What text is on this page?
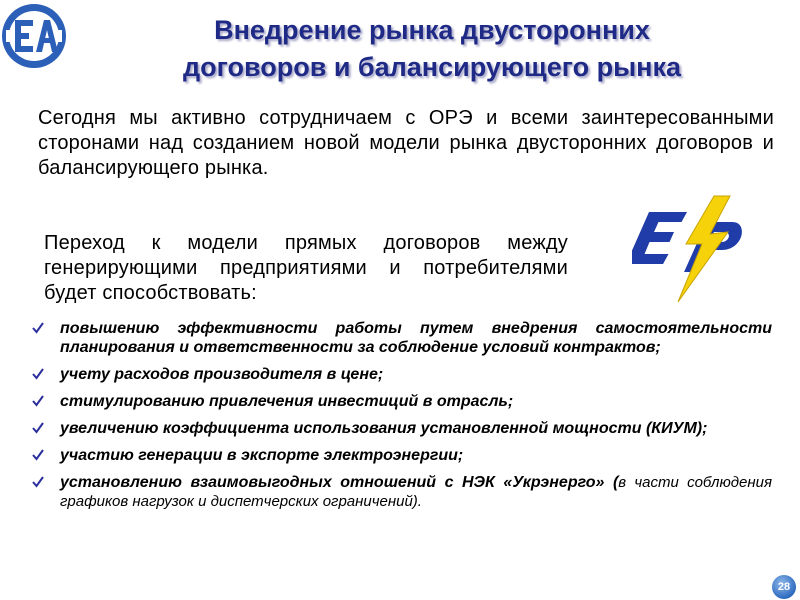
Внедрение рынка двусторонних
договоров и балансирующего рынка
Сегодня мы активно сотрудничаем с ОРЭ и всеми заинтересованными сторонами над созданием новой модели рынка двусторонних договоров и балансирующего рынка.
Переход к модели прямых договоров между генерирующими предприятиями и потребителями будет способствовать:
повышению эффективности работы путем внедрения самостоятельности планирования и ответственности за соблюдение условий контрактов;
учету расходов производителя в цене;
стимулированию привлечения инвестиций в отрасль;
увеличению коэффициента использования установленной мощности (КИУМ);
участию генерации в экспорте электроэнергии;
установлению взаимовыгодных отношений с НЭК «Укрэнерго» (в части соблюдения графиков нагрузок и диспетчерских ограничений).
28
